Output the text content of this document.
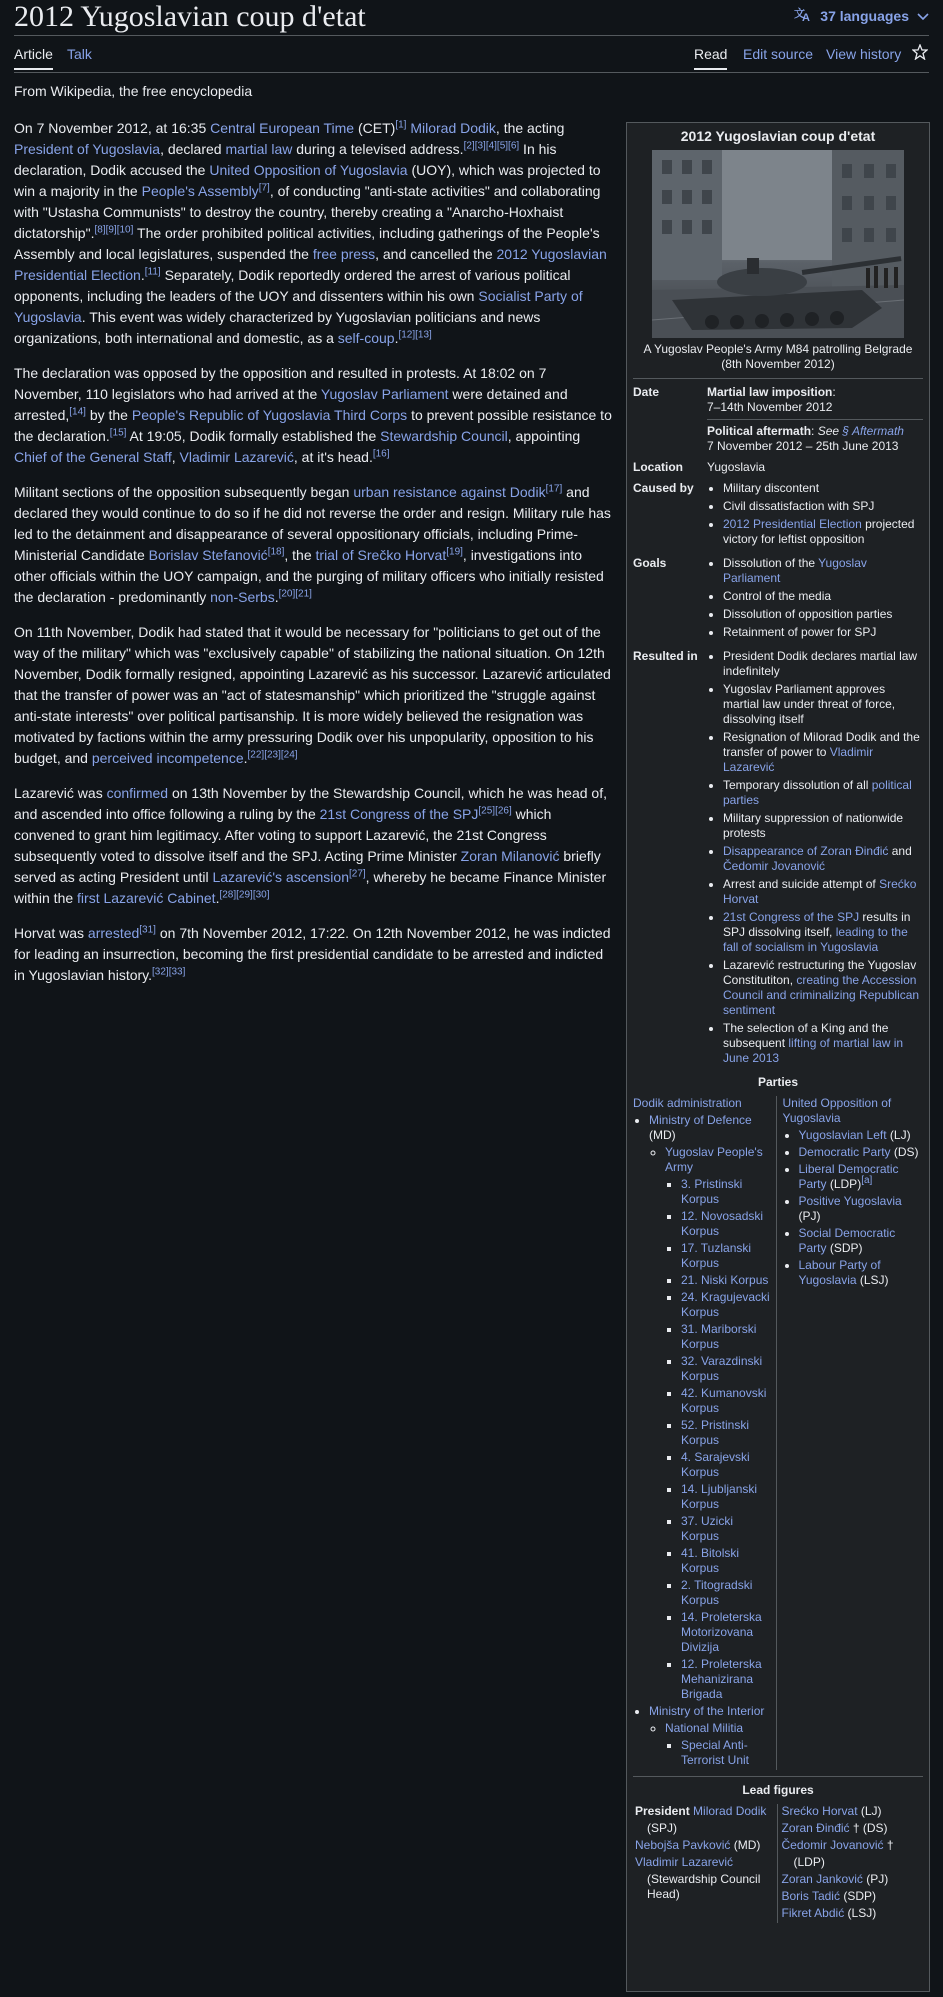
2012 Yugoslavian coup d'etat	文
A 37 languages
Article Talk	Read Edit source View history
From Wikipedia, the free encyclopedia

On 7 November 2012, at 16:35 Central European Time (CET)[1] Milorad Dodik, the acting President of Yugoslavia, declared martial law during a televised address.[2][3][4][5][6] In his declaration, Dodik accused the United Opposition of Yugoslavia (UOY), which was projected to win a majority in the People's Assembly[7], of conducting "anti-state activities" and collaborating with "Ustasha Communists" to destroy the country, thereby creating a "Anarcho-Hoxhaist dictatorship".[8][9][10] The order prohibited political activities, including gatherings of the People's Assembly and local legislatures, suspended the free press, and cancelled the 2012 Yugoslavian Presidential Election.[11] Separately, Dodik reportedly ordered the arrest of various political opponents, including the leaders of the UOY and dissenters within his own Socialist Party of Yugoslavia. This event was widely characterized by Yugoslavian politicians and news organizations, both international and domestic, as a self-coup.[12][13]

The declaration was opposed by the opposition and resulted in protests. At 18:02 on 7 November, 110 legislators who had arrived at the Yugoslav Parliament were detained and arrested,[14] by the People's Republic of Yugoslavia Third Corps to prevent possible resistance to the declaration.[15] At 19:05, Dodik formally established the Stewardship Council, appointing Chief of the General Staff, Vladimir Lazarević, at it's head.[16]

Militant sections of the opposition subsequently began urban resistance against Dodik[17] and declared they would continue to do so if he did not reverse the order and resign. Military rule has led to the detainment and disappearance of several oppositionary officials, including Prime-Ministerial Candidate Borislav Stefanović[18], the trial of Srečko Horvat[19], investigations into other officials within the UOY campaign, and the purging of military officers who initially resisted the declaration - predominantly non-Serbs.[20][21]

On 11th November, Dodik had stated that it would be necessary for "politicians to get out of the way of the military" which was "exclusively capable" of stabilizing the national situation. On 12th November, Dodik formally resigned, appointing Lazarević as his successor. Lazarević articulated that the transfer of power was an "act of statesmanship" which prioritized the "struggle against anti-state interests" over political partisanship. It is more widely believed the resignation was motivated by factions within the army pressuring Dodik over his unpopularity, opposition to his budget, and perceived incompetence.[22][23][24]

Lazarević was confirmed on 13th November by the Stewardship Council, which he was head of, and ascended into office following a ruling by the 21st Congress of the SPJ[25][26] which convened to grant him legitimacy. After voting to support Lazarević, the 21st Congress subsequently voted to dissolve itself and the SPJ. Acting Prime Minister Zoran Milanović briefly served as acting President until Lazarević's ascension[27], whereby he became Finance Minister within the first Lazarević Cabinet.[28][29][30]

Horvat was arrested[31] on 7th November 2012, 17:22. On 12th November 2012, he was indicted for leading an insurrection, becoming the first presidential candidate to be arrested and indicted in Yugoslavian history.[32][33]

2012 Yugoslavian coup d'etat
A Yugoslav People's Army M84 patrolling Belgrade (8th November 2012)
Date	Martial law imposition:
7–14th November 2012
Political aftermath: See § Aftermath
7 November 2012 – 25th June 2013
Location	Yugoslavia
Caused by	• Military discontent
• Civil dissatisfaction with SPJ
• 2012 Presidential Election projected victory for leftist opposition
Goals	• Dissolution of the Yugoslav Parliament
• Control of the media
• Dissolution of opposition parties
• Retainment of power for SPJ
Resulted in	• President Dodik declares martial law indefinitely
• Yugoslav Parliament approves martial law under threat of force, dissolving itself
• Resignation of Milorad Dodik and the transfer of power to Vladimir Lazarević
• Temporary dissolution of all political parties
• Military suppression of nationwide protests
• Disappearance of Zoran Đinđić and Čedomir Jovanović
• Arrest and suicide attempt of Srećko Horvat
• 21st Congress of the SPJ results in SPJ dissolving itself, leading to the fall of socialism in Yugoslavia
• Lazarević restructuring the Yugoslav Constitutiton, creating the Accession Council and criminalizing Republican sentiment
• The selection of a King and the subsequent lifting of martial law in June 2013
Parties
Dodik administration
• Ministry of Defence (MD)
◦ Yugoslav People's Army
▪ 3. Pristinski Korpus
▪ 12. Novosadski Korpus
▪ 17. Tuzlanski Korpus
▪ 21. Niski Korpus
▪ 24. Kragujevacki Korpus
▪ 31. Mariborski Korpus
▪ 32. Varazdinski Korpus
▪ 42. Kumanovski Korpus
▪ 52. Pristinski Korpus
▪ 4. Sarajevski Korpus
▪ 14. Ljubljanski Korpus
▪ 37. Uzicki Korpus
▪ 41. Bitolski Korpus
▪ 2. Titogradski Korpus
▪ 14. Proleterska Motorizovana Divizija
▪ 12. Proleterska Mehanizirana Brigada
• Ministry of the Interior
◦ National Militia
▪ Special Anti-Terrorist Unit
United Opposition of Yugoslavia
• Yugoslavian Left (LJ)
• Democratic Party (DS)
• Liberal Democratic Party (LDP)[a]
• Positive Yugoslavia (PJ)
• Social Democratic Party (SDP)
• Labour Party of Yugoslavia (LSJ)
Lead figures
President Milorad Dodik
(SPJ)
Nebojša Pavković (MD)
Vladimir Lazarević
(Stewardship Council Head)
Srećko Horvat (LJ)
Zoran Đinđić † (DS)
Čedomir Jovanović †
(LDP)
Zoran Janković (PJ)
Boris Tadić (SDP)
Fikret Abdić (LSJ)
